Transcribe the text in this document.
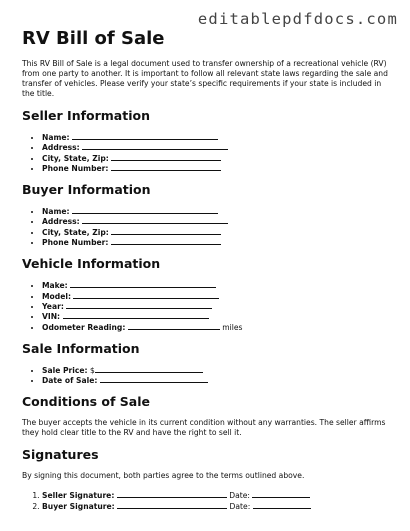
editablepdfdocs.com
RV Bill of Sale

This RV Bill of Sale is a legal document used to transfer ownership of a recreational vehicle (RV) from one party to another. It is important to follow all relevant state laws regarding the sale and transfer of vehicles. Please verify your state’s specific requirements if your state is included in the title.

Seller Information
• Name:
• Address:
• City, State, Zip:
• Phone Number:
Buyer Information
• Name:
• Address:
• City, State, Zip:
• Phone Number:
Vehicle Information
• Make:
• Model:
• Year:
• VIN:
• Odometer Reading:	miles
Sale Information
• Sale Price: $
• Date of Sale:
Conditions of Sale

The buyer accepts the vehicle in its current condition without any warranties. The seller affirms they hold clear title to the RV and have the right to sell it.

Signatures

By signing this document, both parties agree to the terms outlined above.

1. Seller Signature:	Date:
2. Buyer Signature:	Date:
